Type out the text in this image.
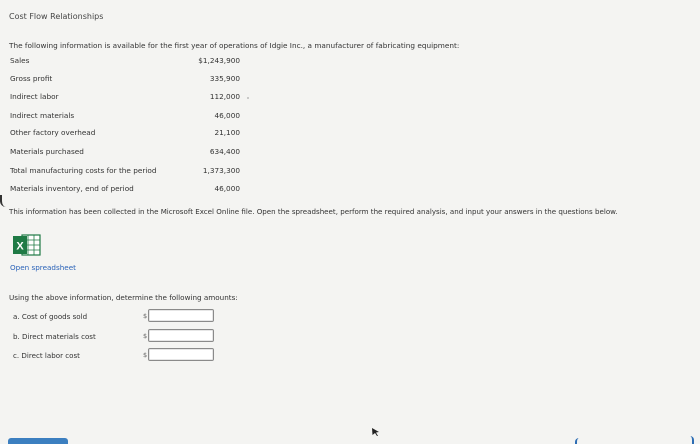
Cost Flow Relationships
The following information is available for the first year of operations of Idgie Inc., a manufacturer of fabricating equipment:
Sales	$1,243,900
Gross profit	335,900
Indirect labor	112,000
Indirect materials	46,000
Other factory overhead	21,100
Materials purchased	634,400
Total manufacturing costs for the period	1,373,300
Materials inventory, end of period	46,000
This information has been collected in the Microsoft Excel Online file. Open the spreadsheet, perform the required analysis, and input your answers in the questions below.
X
Open spreadsheet
Using the above information, determine the following amounts:
a. Cost of goods sold	$
b. Direct materials cost	$
c. Direct labor cost	$
